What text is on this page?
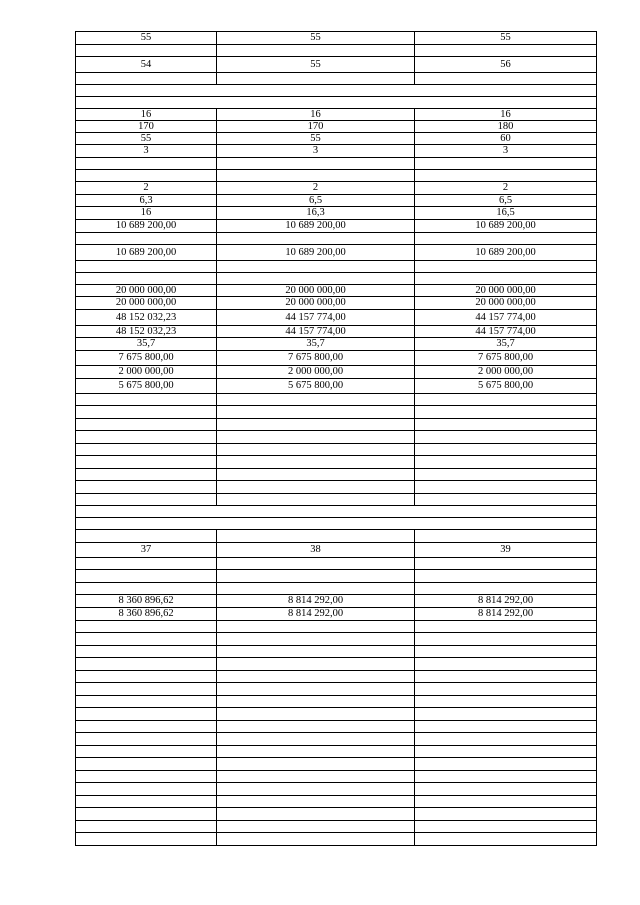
55	55	55

54	55	56

16	16	16
170	170	180
55	55	60
3	3	3

2	2	2
6,3	6,5	6,5
16	16,3	16,5
10 689 200,00	10 689 200,00	10 689 200,00

10 689 200,00	10 689 200,00	10 689 200,00

20 000 000,00	20 000 000,00	20 000 000,00
20 000 000,00	20 000 000,00	20 000 000,00
48 152 032,23	44 157 774,00	44 157 774,00
48 152 032,23	44 157 774,00	44 157 774,00
35,7	35,7	35,7
7 675 800,00	7 675 800,00	7 675 800,00
2 000 000,00	2 000 000,00	2 000 000,00
5 675 800,00	5 675 800,00	5 675 800,00

37	38	39

8 360 896,62	8 814 292,00	8 814 292,00
8 360 896,62	8 814 292,00	8 814 292,00
